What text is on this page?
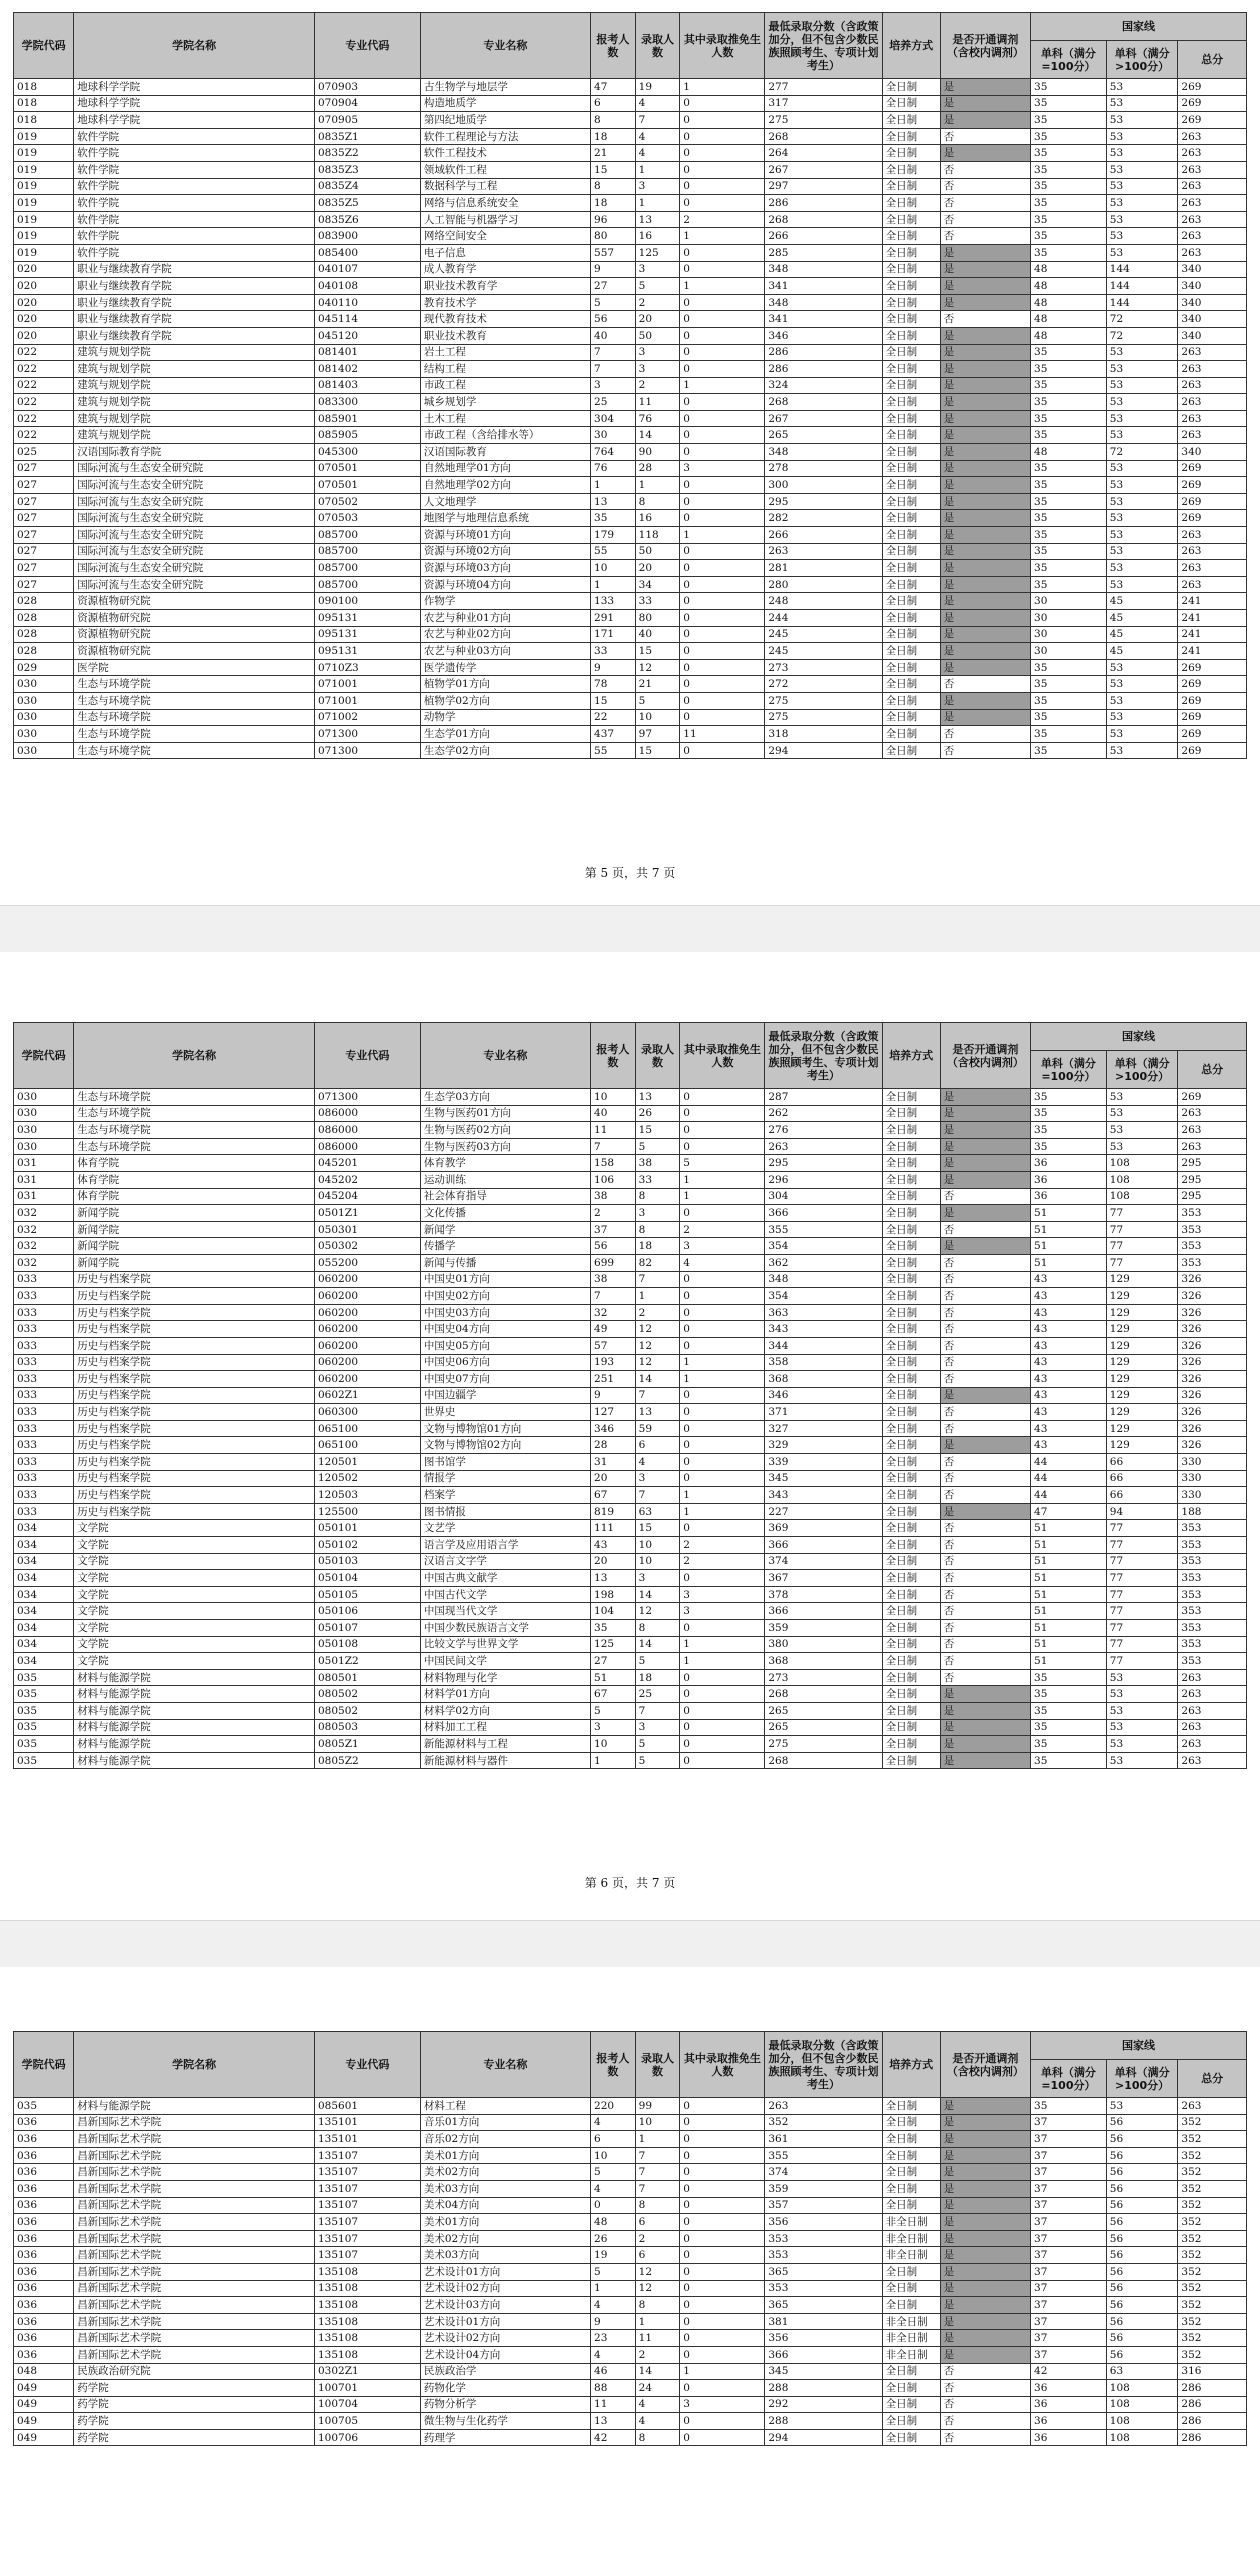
学院代码	学院名称	专业代码	专业名称	报考人数	录取人数	其中录取推免生人数	最低录取分数（含政策加分，但不包含少数民族照顾考生、专项计划考生）	培养方式	是否开通调剂（含校内调剂）	国家线		
										单科（满分=100分）	单科（满分>100分）	总分
018	地球科学学院	070903	古生物学与地层学	47	19	1	277	全日制	是	35	53	269
018	地球科学学院	070904	构造地质学	6	4	0	317	全日制	是	35	53	269
018	地球科学学院	070905	第四纪地质学	8	7	0	275	全日制	是	35	53	269
019	软件学院	0835Z1	软件工程理论与方法	18	4	0	268	全日制	否	35	53	263
019	软件学院	0835Z2	软件工程技术	21	4	0	264	全日制	是	35	53	263
019	软件学院	0835Z3	领域软件工程	15	1	0	267	全日制	否	35	53	263
019	软件学院	0835Z4	数据科学与工程	8	3	0	297	全日制	否	35	53	263
019	软件学院	0835Z5	网络与信息系统安全	18	1	0	286	全日制	否	35	53	263
019	软件学院	0835Z6	人工智能与机器学习	96	13	2	268	全日制	否	35	53	263
019	软件学院	083900	网络空间安全	80	16	1	266	全日制	否	35	53	263
019	软件学院	085400	电子信息	557	125	0	285	全日制	是	35	53	263
020	职业与继续教育学院	040107	成人教育学	9	3	0	348	全日制	是	48	144	340
020	职业与继续教育学院	040108	职业技术教育学	27	5	1	341	全日制	是	48	144	340
020	职业与继续教育学院	040110	教育技术学	5	2	0	348	全日制	是	48	144	340
020	职业与继续教育学院	045114	现代教育技术	56	20	0	341	全日制	否	48	72	340
020	职业与继续教育学院	045120	职业技术教育	40	50	0	346	全日制	是	48	72	340
022	建筑与规划学院	081401	岩土工程	7	3	0	286	全日制	是	35	53	263
022	建筑与规划学院	081402	结构工程	7	3	0	286	全日制	是	35	53	263
022	建筑与规划学院	081403	市政工程	3	2	1	324	全日制	是	35	53	263
022	建筑与规划学院	083300	城乡规划学	25	11	0	268	全日制	是	35	53	263
022	建筑与规划学院	085901	土木工程	304	76	0	267	全日制	是	35	53	263
022	建筑与规划学院	085905	市政工程（含给排水等）	30	14	0	265	全日制	是	35	53	263
025	汉语国际教育学院	045300	汉语国际教育	764	90	0	348	全日制	是	48	72	340
027	国际河流与生态安全研究院	070501	自然地理学01方向	76	28	3	278	全日制	是	35	53	269
027	国际河流与生态安全研究院	070501	自然地理学02方向	1	1	0	300	全日制	是	35	53	269
027	国际河流与生态安全研究院	070502	人文地理学	13	8	0	295	全日制	是	35	53	269
027	国际河流与生态安全研究院	070503	地图学与地理信息系统	35	16	0	282	全日制	是	35	53	269
027	国际河流与生态安全研究院	085700	资源与环境01方向	179	118	1	266	全日制	是	35	53	263
027	国际河流与生态安全研究院	085700	资源与环境02方向	55	50	0	263	全日制	是	35	53	263
027	国际河流与生态安全研究院	085700	资源与环境03方向	10	20	0	281	全日制	是	35	53	263
027	国际河流与生态安全研究院	085700	资源与环境04方向	1	34	0	280	全日制	是	35	53	263
028	资源植物研究院	090100	作物学	133	33	0	248	全日制	是	30	45	241
028	资源植物研究院	095131	农艺与种业01方向	291	80	0	244	全日制	是	30	45	241
028	资源植物研究院	095131	农艺与种业02方向	171	40	0	245	全日制	是	30	45	241
028	资源植物研究院	095131	农艺与种业03方向	33	15	0	245	全日制	是	30	45	241
029	医学院	0710Z3	医学遗传学	9	12	0	273	全日制	是	35	53	269
030	生态与环境学院	071001	植物学01方向	78	21	0	272	全日制	否	35	53	269
030	生态与环境学院	071001	植物学02方向	15	5	0	275	全日制	是	35	53	269
030	生态与环境学院	071002	动物学	22	10	0	275	全日制	是	35	53	269
030	生态与环境学院	071300	生态学01方向	437	97	11	318	全日制	否	35	53	269
030	生态与环境学院	071300	生态学02方向	55	15	0	294	全日制	否	35	53	269
第 5 页，共 7 页
学院代码	学院名称	专业代码	专业名称	报考人数	录取人数	其中录取推免生人数	最低录取分数（含政策加分，但不包含少数民族照顾考生、专项计划考生）	培养方式	是否开通调剂（含校内调剂）	国家线		
										单科（满分=100分）	单科（满分>100分）	总分
030	生态与环境学院	071300	生态学03方向	10	13	0	287	全日制	是	35	53	269
030	生态与环境学院	086000	生物与医药01方向	40	26	0	262	全日制	是	35	53	263
030	生态与环境学院	086000	生物与医药02方向	11	15	0	276	全日制	是	35	53	263
030	生态与环境学院	086000	生物与医药03方向	7	5	0	263	全日制	是	35	53	263
031	体育学院	045201	体育教学	158	38	5	295	全日制	是	36	108	295
031	体育学院	045202	运动训练	106	33	1	296	全日制	是	36	108	295
031	体育学院	045204	社会体育指导	38	8	1	304	全日制	否	36	108	295
032	新闻学院	0501Z1	文化传播	2	3	0	366	全日制	是	51	77	353
032	新闻学院	050301	新闻学	37	8	2	355	全日制	否	51	77	353
032	新闻学院	050302	传播学	56	18	3	354	全日制	是	51	77	353
032	新闻学院	055200	新闻与传播	699	82	4	362	全日制	否	51	77	353
033	历史与档案学院	060200	中国史01方向	38	7	0	348	全日制	否	43	129	326
033	历史与档案学院	060200	中国史02方向	7	1	0	354	全日制	否	43	129	326
033	历史与档案学院	060200	中国史03方向	32	2	0	363	全日制	否	43	129	326
033	历史与档案学院	060200	中国史04方向	49	12	0	343	全日制	否	43	129	326
033	历史与档案学院	060200	中国史05方向	57	12	0	344	全日制	否	43	129	326
033	历史与档案学院	060200	中国史06方向	193	12	1	358	全日制	否	43	129	326
033	历史与档案学院	060200	中国史07方向	251	14	1	368	全日制	否	43	129	326
033	历史与档案学院	0602Z1	中国边疆学	9	7	0	346	全日制	是	43	129	326
033	历史与档案学院	060300	世界史	127	13	0	371	全日制	否	43	129	326
033	历史与档案学院	065100	文物与博物馆01方向	346	59	0	327	全日制	否	43	129	326
033	历史与档案学院	065100	文物与博物馆02方向	28	6	0	329	全日制	是	43	129	326
033	历史与档案学院	120501	图书馆学	31	4	0	339	全日制	否	44	66	330
033	历史与档案学院	120502	情报学	20	3	0	345	全日制	否	44	66	330
033	历史与档案学院	120503	档案学	67	7	1	343	全日制	否	44	66	330
033	历史与档案学院	125500	图书情报	819	63	1	227	全日制	是	47	94	188
034	文学院	050101	文艺学	111	15	0	369	全日制	否	51	77	353
034	文学院	050102	语言学及应用语言学	43	10	2	366	全日制	否	51	77	353
034	文学院	050103	汉语言文字学	20	10	2	374	全日制	否	51	77	353
034	文学院	050104	中国古典文献学	13	3	0	367	全日制	否	51	77	353
034	文学院	050105	中国古代文学	198	14	3	378	全日制	否	51	77	353
034	文学院	050106	中国现当代文学	104	12	3	366	全日制	否	51	77	353
034	文学院	050107	中国少数民族语言文学	35	8	0	359	全日制	否	51	77	353
034	文学院	050108	比较文学与世界文学	125	14	1	380	全日制	否	51	77	353
034	文学院	0501Z2	中国民间文学	27	5	1	368	全日制	否	51	77	353
035	材料与能源学院	080501	材料物理与化学	51	18	0	273	全日制	否	35	53	263
035	材料与能源学院	080502	材料学01方向	67	25	0	268	全日制	是	35	53	263
035	材料与能源学院	080502	材料学02方向	5	7	0	265	全日制	是	35	53	263
035	材料与能源学院	080503	材料加工工程	3	3	0	265	全日制	是	35	53	263
035	材料与能源学院	0805Z1	新能源材料与工程	10	5	0	275	全日制	是	35	53	263
035	材料与能源学院	0805Z2	新能源材料与器件	1	5	0	268	全日制	是	35	53	263
第 6 页，共 7 页
学院代码	学院名称	专业代码	专业名称	报考人数	录取人数	其中录取推免生人数	最低录取分数（含政策加分，但不包含少数民族照顾考生、专项计划考生）	培养方式	是否开通调剂（含校内调剂）	国家线		
										单科（满分=100分）	单科（满分>100分）	总分
035	材料与能源学院	085601	材料工程	220	99	0	263	全日制	是	35	53	263
036	昌新国际艺术学院	135101	音乐01方向	4	10	0	352	全日制	是	37	56	352
036	昌新国际艺术学院	135101	音乐02方向	6	1	0	361	全日制	是	37	56	352
036	昌新国际艺术学院	135107	美术01方向	10	7	0	355	全日制	是	37	56	352
036	昌新国际艺术学院	135107	美术02方向	5	7	0	374	全日制	是	37	56	352
036	昌新国际艺术学院	135107	美术03方向	4	7	0	359	全日制	是	37	56	352
036	昌新国际艺术学院	135107	美术04方向	0	8	0	357	全日制	是	37	56	352
036	昌新国际艺术学院	135107	美术01方向	48	6	0	356	非全日制	是	37	56	352
036	昌新国际艺术学院	135107	美术02方向	26	2	0	353	非全日制	是	37	56	352
036	昌新国际艺术学院	135107	美术03方向	19	6	0	353	非全日制	是	37	56	352
036	昌新国际艺术学院	135108	艺术设计01方向	5	12	0	365	全日制	是	37	56	352
036	昌新国际艺术学院	135108	艺术设计02方向	1	12	0	353	全日制	是	37	56	352
036	昌新国际艺术学院	135108	艺术设计03方向	4	8	0	365	全日制	是	37	56	352
036	昌新国际艺术学院	135108	艺术设计01方向	9	1	0	381	非全日制	是	37	56	352
036	昌新国际艺术学院	135108	艺术设计02方向	23	11	0	356	非全日制	是	37	56	352
036	昌新国际艺术学院	135108	艺术设计04方向	4	2	0	366	非全日制	是	37	56	352
048	民族政治研究院	0302Z1	民族政治学	46	14	1	345	全日制	否	42	63	316
049	药学院	100701	药物化学	88	24	0	288	全日制	否	36	108	286
049	药学院	100704	药物分析学	11	4	3	292	全日制	否	36	108	286
049	药学院	100705	微生物与生化药学	13	4	0	288	全日制	否	36	108	286
049	药学院	100706	药理学	42	8	0	294	全日制	否	36	108	286
